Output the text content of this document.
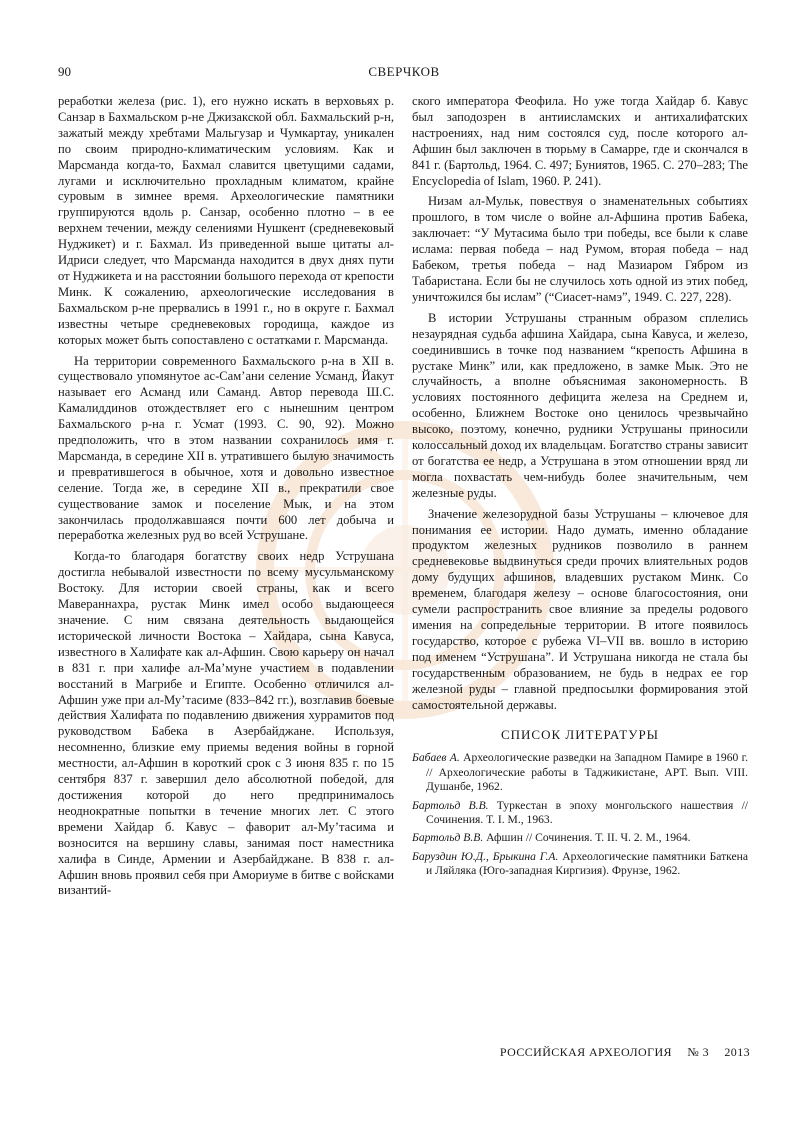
90	СВЕРЧКОВ

реработки железа (рис. 1), его нужно искать в верховьях р. Санзар в Бахмальском р-не Джизакской обл. Бахмальский р-н, зажатый между хребтами Мальгузар и Чумкартау, уникален по своим природно-климатическим условиям. Как и Марсманда когда-то, Бахмал славится цветущими садами, лугами и исключительно прохладным климатом, крайне суровым в зимнее время. Археологические памятники группируются вдоль р. Санзар, особенно плотно – в ее верхнем течении, между селениями Нушкент (средневековый Нуджикет) и г. Бахмал. Из приведенной выше цитаты ал-Идриси следует, что Марсманда находится в двух днях пути от Нуджикета и на расстоянии большого перехода от крепости Минк. К сожалению, археологические исследования в Бахмальском р-не прервались в 1991 г., но в округе г. Бахмал известны четыре средневековых городища, каждое из которых может быть сопоставлено с остатками г. Марсманда.

На территории современного Бахмальского р-на в XII в. существовало упомянутое ас-Сам’ани селение Усманд, Йакут называет его Асманд или Саманд. Автор перевода Ш.С. Камалиддинов отождествляет его с нынешним центром Бахмальского р-на г. Усмат (1993. С. 90, 92). Можно предположить, что в этом названии сохранилось имя г. Марсманда, в середине XII в. утратившего былую значимость и превратившегося в обычное, хотя и довольно известное селение. Тогда же, в середине XII в., прекратили свое существование замок и поселение Мык, и на этом закончилась продолжавшаяся почти 600 лет добыча и переработка железных руд во всей Уструшане.

Когда-то благодаря богатству своих недр Уструшана достигла небывалой известности по всему мусульманскому Востоку. Для истории своей страны, как и всего Мавераннахра, рустак Минк имел особо выдающееся значение. С ним связана деятельность выдающейся исторической личности Востока – Хайдара, сына Кавуса, известного в Халифате как ал-Афшин. Свою карьеру он начал в 831 г. при халифе ал-Ма’муне участием в подавлении восстаний в Магрибе и Египте. Особенно отличился ал-Афшин уже при ал-Му’тасиме (833–842 гг.), возглавив боевые действия Халифата по подавлению движения хуррамитов под руководством Бабека в Азербайджане. Используя, несомненно, близкие ему приемы ведения войны в горной местности, ал-Афшин в короткий срок с 3 июня 835 г. по 15 сентября 837 г. завершил дело абсолютной победой, для достижения которой до него предпринималось неоднократные попытки в течение многих лет. С этого времени Хайдар б. Кавус – фаворит ал-Му’тасима и возносится на вершину славы, занимая пост наместника халифа в Синде, Армении и Азербайджане. В 838 г. ал-Афшин вновь проявил себя при Амориуме в битве с войсками византий-

ского императора Феофила. Но уже тогда Хайдар б. Кавус был заподозрен в антиисламских и антихалифатских настроениях, над ним состоялся суд, после которого ал-Афшин был заключен в тюрьму в Самарре, где и скончался в 841 г. (Бартольд, 1964. С. 497; Буниятов, 1965. С. 270–283; The Encyclopedia of Islam, 1960. P. 241).

Низам ал-Мульк, повествуя о знаменательных событиях прошлого, в том числе о войне ал-Афшина против Бабека, заключает: “У Мутасима было три победы, все были к славе ислама: первая победа – над Румом, вторая победа – над Бабеком, третья победа – над Мазиаром Гябром из Табаристана. Если бы не случилось хоть одной из этих побед, уничтожился бы ислам” (“Сиасет-намэ”, 1949. С. 227, 228).

В истории Уструшаны странным образом сплелись незаурядная судьба афшина Хайдара, сына Кавуса, и железо, соединившись в точке под названием “крепость Афшина в рустаке Минк” или, как предложено, в замке Мык. Это не случайность, а вполне объяснимая закономерность. В условиях постоянного дефицита железа на Среднем и, особенно, Ближнем Востоке оно ценилось чрезвычайно высоко, поэтому, конечно, рудники Уструшаны приносили колоссальный доход их владельцам. Богатство страны зависит от богатства ее недр, а Уструшана в этом отношении вряд ли могла похвастать чем-нибудь более значительным, чем железные руды.

Значение железорудной базы Уструшаны – ключевое для понимания ее истории. Надо думать, именно обладание продуктом железных рудников позволило в раннем средневековье выдвинуться среди прочих влиятельных родов дому будущих афшинов, владевших рустаком Минк. Со временем, благодаря железу – основе благосостояния, они сумели распространить свое влияние за пределы родового имения на сопредельные территории. В итоге появилось государство, которое с рубежа VI–VII вв. вошло в историю под именем “Уструшана”. И Уструшана никогда не стала бы государственным образованием, не будь в недрах ее гор железной руды – главной предпосылки формирования этой самостоятельной державы.

СПИСОК ЛИТЕРАТУРЫ
Бабаев А. Археологические разведки на Западном Памире в 1960 г. // Археологические работы в Таджикистане, АРТ. Вып. VIII. Душанбе, 1962.
Бартольд В.В. Туркестан в эпоху монгольского нашествия // Сочинения. Т. I. М., 1963.
Бартольд В.В. Афшин // Сочинения. Т. II. Ч. 2. М., 1964.
Баруздин Ю.Д., Брыкина Г.А. Археологические памятники Баткена и Ляйляка (Юго-западная Киргизия). Фрунзе, 1962.
РОССИЙСКАЯ АРХЕОЛОГИЯ № 3 2013
